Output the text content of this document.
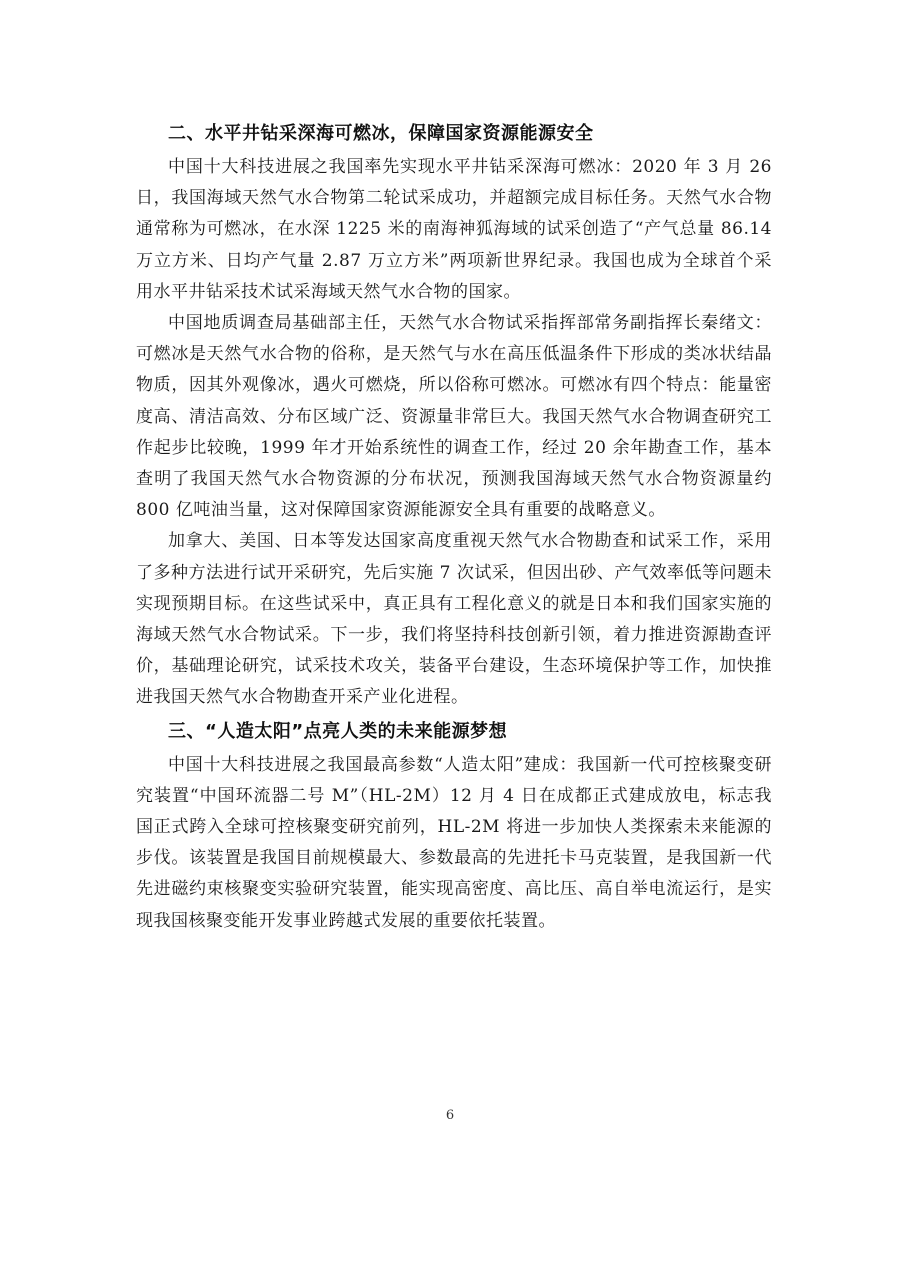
二、水平井钻采深海可燃冰，保障国家资源能源安全

中国十大科技进展之我国率先实现水平井钻采深海可燃冰：2020 年 3 月 26 日，我国海域天然气水合物第二轮试采成功，并超额完成目标任务。天然气水合物通常称为可燃冰，在水深 1225 米的南海神狐海域的试采创造了“产气总量 86.14 万立方米、日均产气量 2.87 万立方米”两项新世界纪录。我国也成为全球首个采用水平井钻采技术试采海域天然气水合物的国家。

中国地质调查局基础部主任，天然气水合物试采指挥部常务副指挥长秦绪文：可燃冰是天然气水合物的俗称，是天然气与水在高压低温条件下形成的类冰状结晶物质，因其外观像冰，遇火可燃烧，所以俗称可燃冰。可燃冰有四个特点：能量密度高、清洁高效、分布区域广泛、资源量非常巨大。我国天然气水合物调查研究工作起步比较晚，1999 年才开始系统性的调查工作，经过 20 余年勘查工作，基本查明了我国天然气水合物资源的分布状况，预测我国海域天然气水合物资源量约 800 亿吨油当量，这对保障国家资源能源安全具有重要的战略意义。

加拿大、美国、日本等发达国家高度重视天然气水合物勘查和试采工作，采用了多种方法进行试开采研究，先后实施 7 次试采，但因出砂、产气效率低等问题未实现预期目标。在这些试采中，真正具有工程化意义的就是日本和我们国家实施的海域天然气水合物试采。下一步，我们将坚持科技创新引领，着力推进资源勘查评价，基础理论研究，试采技术攻关，装备平台建设，生态环境保护等工作，加快推进我国天然气水合物勘查开采产业化进程。

三、“人造太阳”点亮人类的未来能源梦想

中国十大科技进展之我国最高参数“人造太阳”建成：我国新一代可控核聚变研究装置“中国环流器二号 M”（HL-2M）12 月 4 日在成都正式建成放电，标志我国正式跨入全球可控核聚变研究前列，HL-2M 将进一步加快人类探索未来能源的步伐。该装置是我国目前规模最大、参数最高的先进托卡马克装置，是我国新一代先进磁约束核聚变实验研究装置，能实现高密度、高比压、高自举电流运行，是实现我国核聚变能开发事业跨越式发展的重要依托装置。

6
